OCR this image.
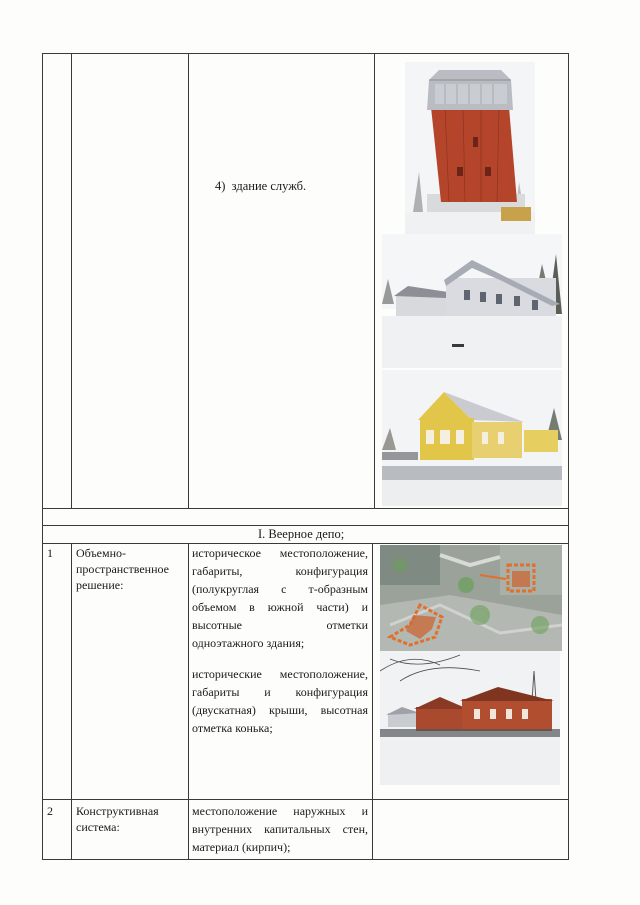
4)  здание служб.
I. Веерное депо;
1 Объемно-
пространственное
решение:
историческое местоположение,
габариты, конфигурация
(полукруглая с т-образным
объемом в южной части) и
высотные отметки
одноэтажного здания;
исторические местоположение,
габариты и конфигурация
(двускатная) крыши, высотная
отметка конька;
2 Конструктивная
система:
местоположение наружных и
внутренних капитальных стен,
материал (кирпич);
